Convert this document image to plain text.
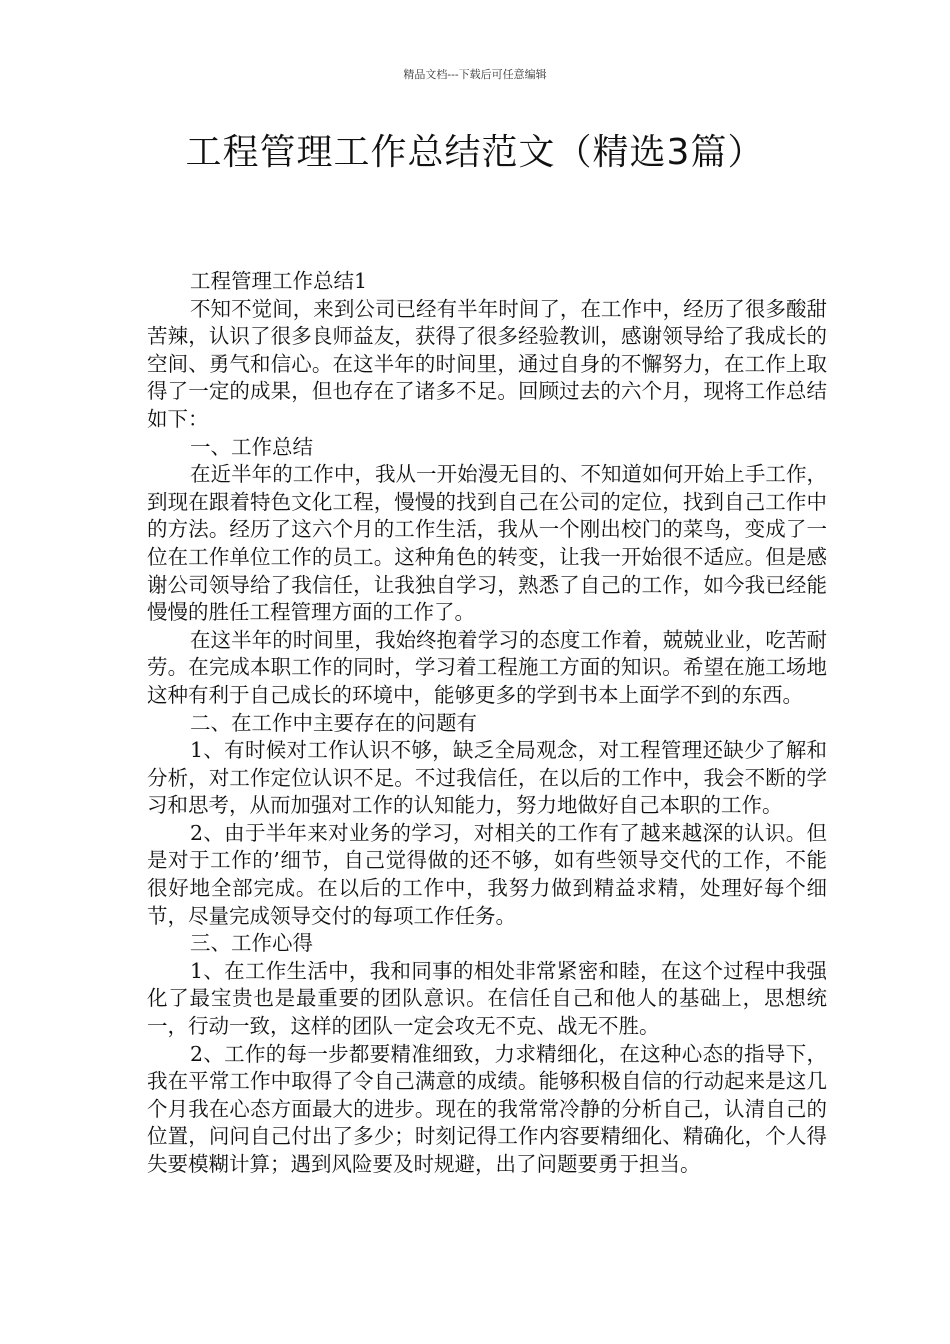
精品文档---下载后可任意编辑
工程管理工作总结范文（精选3篇）

工程管理工作总结1

不知不觉间，来到公司已经有半年时间了，在工作中，经历了很多酸甜苦辣，认识了很多良师益友，获得了很多经验教训，感谢领导给了我成长的空间、勇气和信心。在这半年的时间里，通过自身的不懈努力，在工作上取得了一定的成果，但也存在了诸多不足。回顾过去的六个月，现将工作总结如下：

一、工作总结

在近半年的工作中，我从一开始漫无目的、不知道如何开始上手工作，到现在跟着特色文化工程，慢慢的找到自己在公司的定位，找到自己工作中的方法。经历了这六个月的工作生活，我从一个刚出校门的菜鸟，变成了一位在工作单位工作的员工。这种角色的转变，让我一开始很不适应。但是感谢公司领导给了我信任，让我独自学习，熟悉了自己的工作，如今我已经能慢慢的胜任工程管理方面的工作了。

在这半年的时间里，我始终抱着学习的态度工作着，兢兢业业，吃苦耐劳。在完成本职工作的同时，学习着工程施工方面的知识。希望在施工场地这种有利于自己成长的环境中，能够更多的学到书本上面学不到的东西。

二、在工作中主要存在的问题有

1、有时候对工作认识不够，缺乏全局观念，对工程管理还缺少了解和分析，对工作定位认识不足。不过我信任，在以后的工作中，我会不断的学习和思考，从而加强对工作的认知能力，努力地做好自己本职的工作。

2、由于半年来对业务的学习，对相关的工作有了越来越深的认识。但是对于工作的’细节，自己觉得做的还不够，如有些领导交代的工作，不能很好地全部完成。在以后的工作中，我努力做到精益求精，处理好每个细节，尽量完成领导交付的每项工作任务。

三、工作心得

1、在工作生活中，我和同事的相处非常紧密和睦，在这个过程中我强化了最宝贵也是最重要的团队意识。在信任自己和他人的基础上，思想统一，行动一致，这样的团队一定会攻无不克、战无不胜。

2、工作的每一步都要精准细致，力求精细化，在这种心态的指导下，我在平常工作中取得了令自己满意的成绩。能够积极自信的行动起来是这几个月我在心态方面最大的进步。现在的我常常冷静的分析自己，认清自己的位置，问问自己付出了多少；时刻记得工作内容要精细化、精确化，个人得失要模糊计算；遇到风险要及时规避，出了问题要勇于担当。
